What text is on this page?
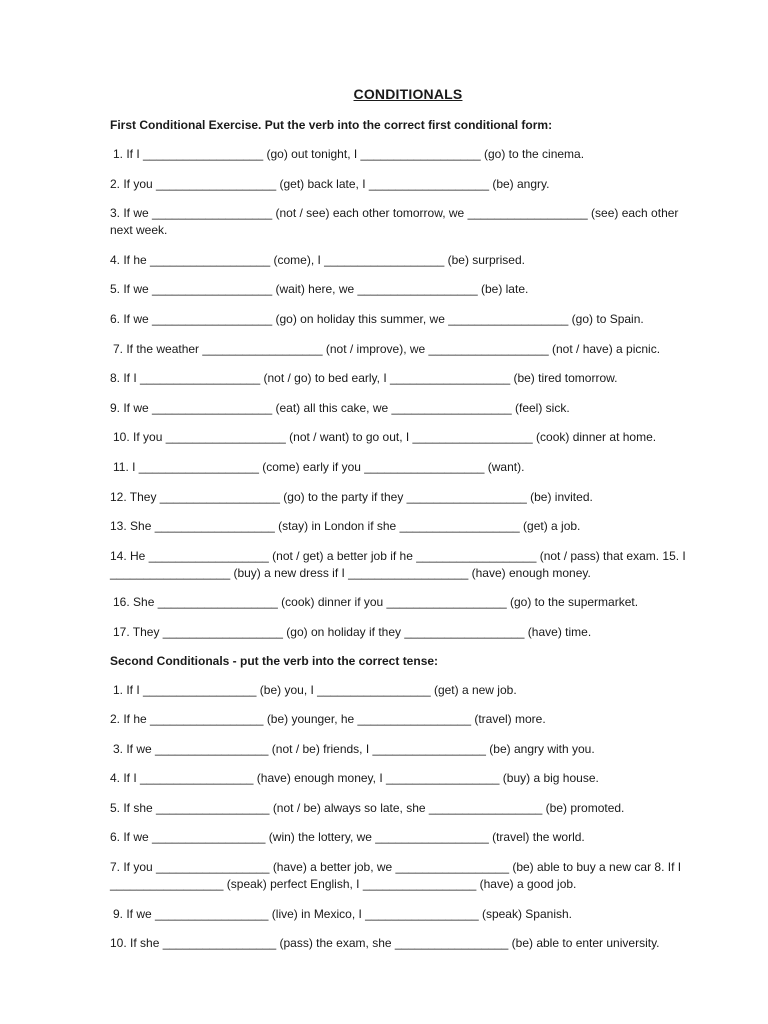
CONDITIONALS
First Conditional Exercise. Put the verb into the correct first conditional form:
1. If I __________________ (go) out tonight, I __________________ (go) to the cinema.
2. If you __________________ (get) back late, I __________________ (be) angry.
3. If we __________________ (not / see) each other tomorrow, we __________________ (see) each other next week.
4. If he __________________ (come), I __________________ (be) surprised.
5. If we __________________ (wait) here, we __________________ (be) late.
6. If we __________________ (go) on holiday this summer, we __________________ (go) to Spain.
7. If the weather __________________ (not / improve), we __________________ (not / have) a picnic.
8. If I __________________ (not / go) to bed early, I __________________ (be) tired tomorrow.
9. If we __________________ (eat) all this cake, we __________________ (feel) sick.
10. If you __________________ (not / want) to go out, I __________________ (cook) dinner at home.
11. I __________________ (come) early if you __________________ (want).
12. They __________________ (go) to the party if they __________________ (be) invited.
13. She __________________ (stay) in London if she __________________ (get) a job.
14. He __________________ (not / get) a better job if he __________________ (not / pass) that exam. 15. I __________________ (buy) a new dress if I __________________ (have) enough money.
16. She __________________ (cook) dinner if you __________________ (go) to the supermarket.
17. They __________________ (go) on holiday if they __________________ (have) time.
Second Conditionals - put the verb into the correct tense:
1. If I _________________ (be) you, I _________________ (get) a new job.
2. If he _________________ (be) younger, he _________________ (travel) more.
3. If we _________________ (not / be) friends, I _________________ (be) angry with you.
4. If I _________________ (have) enough money, I _________________ (buy) a big house.
5. If she _________________ (not / be) always so late, she _________________ (be) promoted.
6. If we _________________ (win) the lottery, we _________________ (travel) the world.
7. If you _________________ (have) a better job, we _________________ (be) able to buy a new car 8. If I _________________ (speak) perfect English, I _________________ (have) a good job.
9. If we _________________ (live) in Mexico, I _________________ (speak) Spanish.
10. If she _________________ (pass) the exam, she _________________ (be) able to enter university.
